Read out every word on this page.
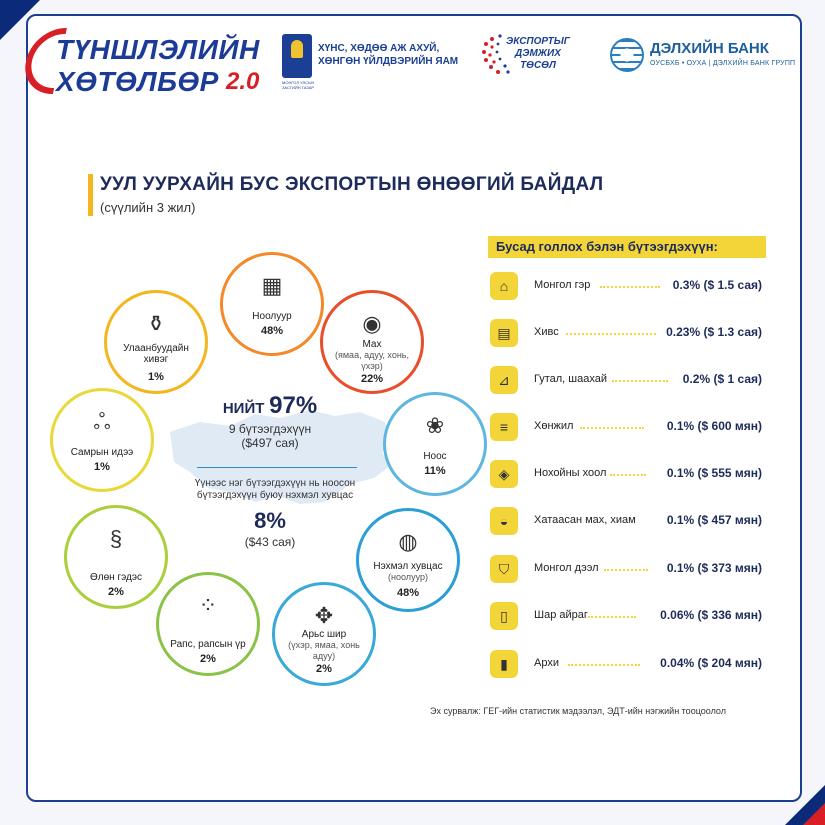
ТҮНШЛЭЛИЙН
ХӨТӨЛБӨР 2.0
ХҮНС, ХӨДӨӨ АЖ АХУЙ, ХӨНГӨН ҮЙЛДВЭРИЙН ЯАМ
МОНГОЛ УЛСЫН ЗАСГИЙН ГАЗАР
ЭКСПОРТЫГ
ДЭМЖИХ
ТӨСӨЛ
ДЭЛХИЙН БАНК
ОУСБХБ • ОУХА | ДЭЛХИЙН БАНК ГРУПП
УУЛ УУРХАЙН БУС ЭКСПОРТЫН ӨНӨӨГИЙ БАЙДАЛ
(сүүлийн 3 жил)
НИЙТ 97%
9 бүтээгдэхүүн
($497 сая)
Үүнээс нэг бүтээгдэхүүн нь ноосон бүтээгдэхүүн буюу нэхмэл хувцас
8%
($43 сая)
▦
Ноолуур
48%	◉
Мах
(ямаа, адуу, хонь, үхэр)
22%
❀
Ноос
11%
◍
Нэхмэл хувцас
(ноолуур)
48%
✥
Арьс шир
(үхэр, ямаа, хонь адуу)
2%
⁘
Рапс, рапсын үр
2%
§
Өлөн гэдэс
2%
ஃ
Самрын идээ
1%
⚱
Улаанбуудайн хивэг
1%
Бусад голлох бэлэн бүтээгдэхүүн:
⌂	Монгол гэр	0.3% ($ 1.5 сая)
▤	Хивс	0.23% ($ 1.3 сая)
⊿	Гутал, шаахай	0.2% ($ 1 сая)
≡	Хөнжил	0.1% ($ 600 мян)
◈	Нохойны хоол	0.1% ($ 555 мян)
◒	Хатаасан мах, хиам	0.1% ($ 457 мян)
⛉	Монгол дээл	0.1% ($ 373 мян)
▯	Шар айраг	0.06% ($ 336 мян)
▮	Архи	0.04% ($ 204 мян)
Эх сурвалж: ГЕГ-ийн статистик мэдээлэл, ЭДТ-ийн нэгжийн тооцоолол
